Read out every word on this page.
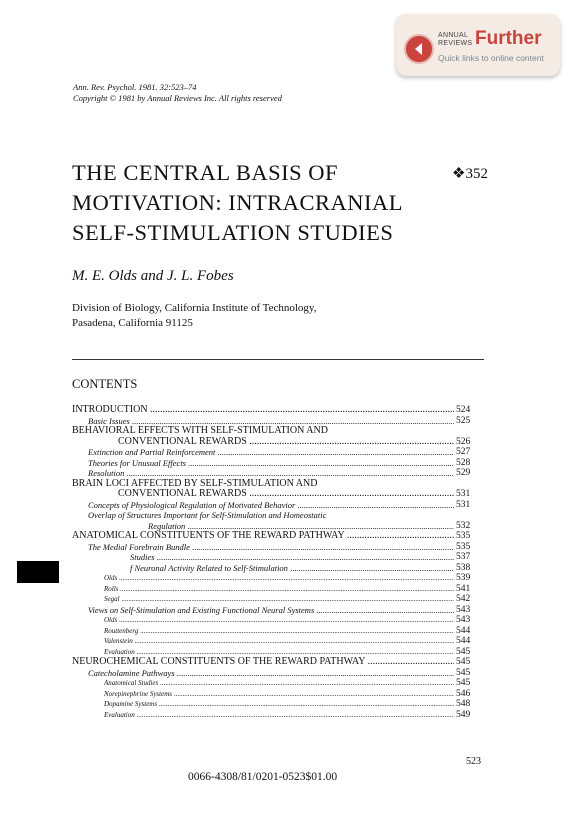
ANNUAL
REVIEWS Further
Quick links to online content
Ann. Rev. Psychol. 1981. 32:523–74
Copyright © 1981 by Annual Reviews Inc. All rights reserved
THE CENTRAL BASIS OF
MOTIVATION: INTRACRANIAL
SELF-STIMULATION STUDIES
❖352
M. E. Olds and J. L. Fobes
Division of Biology, California Institute of Technology,
Pasadena, California 91125
CONTENTS
INTRODUCTION .....	524
Basic Issues .....	525
BEHAVIORAL EFFECTS WITH SELF-STIMULATION AND
CONVENTIONAL REWARDS .....	526
Extinction and Partial Reinforcement .....	527
Theories for Unusual Effects .....	528
Resolution .....	529
BRAIN LOCI AFFECTED BY SELF-STIMULATION AND
CONVENTIONAL REWARDS .....	531
Concepts of Physiological Regulation of Motivated Behavior .....	531
Overlap of Structures Important for Self-Stimulation and Homeostatic
Regulation .....	532
ANATOMICAL CONSTITUENTS OF THE REWARD PATHWAY .....	535
The Medial Forebrain Bundle .....	535
Studies .....	537
f Neuronal Activity Related to Self-Stimulation .....	538
Olds .....	539
Rolls .....	541
Segal .....	542
Views on Self-Stimulation and Existing Functional Neural Systems .....	543
Olds .....	543
Routtenberg .....	544
Valenstein .....	544
Evaluation .....	545
NEUROCHEMICAL CONSTITUENTS OF THE REWARD PATHWAY .....	545
Catecholamine Pathways .....	545
Anatomical Studies .....	545
Norepinephrine Systems .....	546
Dopamine Systems .....	548
Evaluation .....	549
523
0066-4308/81/0201-0523$01.00
